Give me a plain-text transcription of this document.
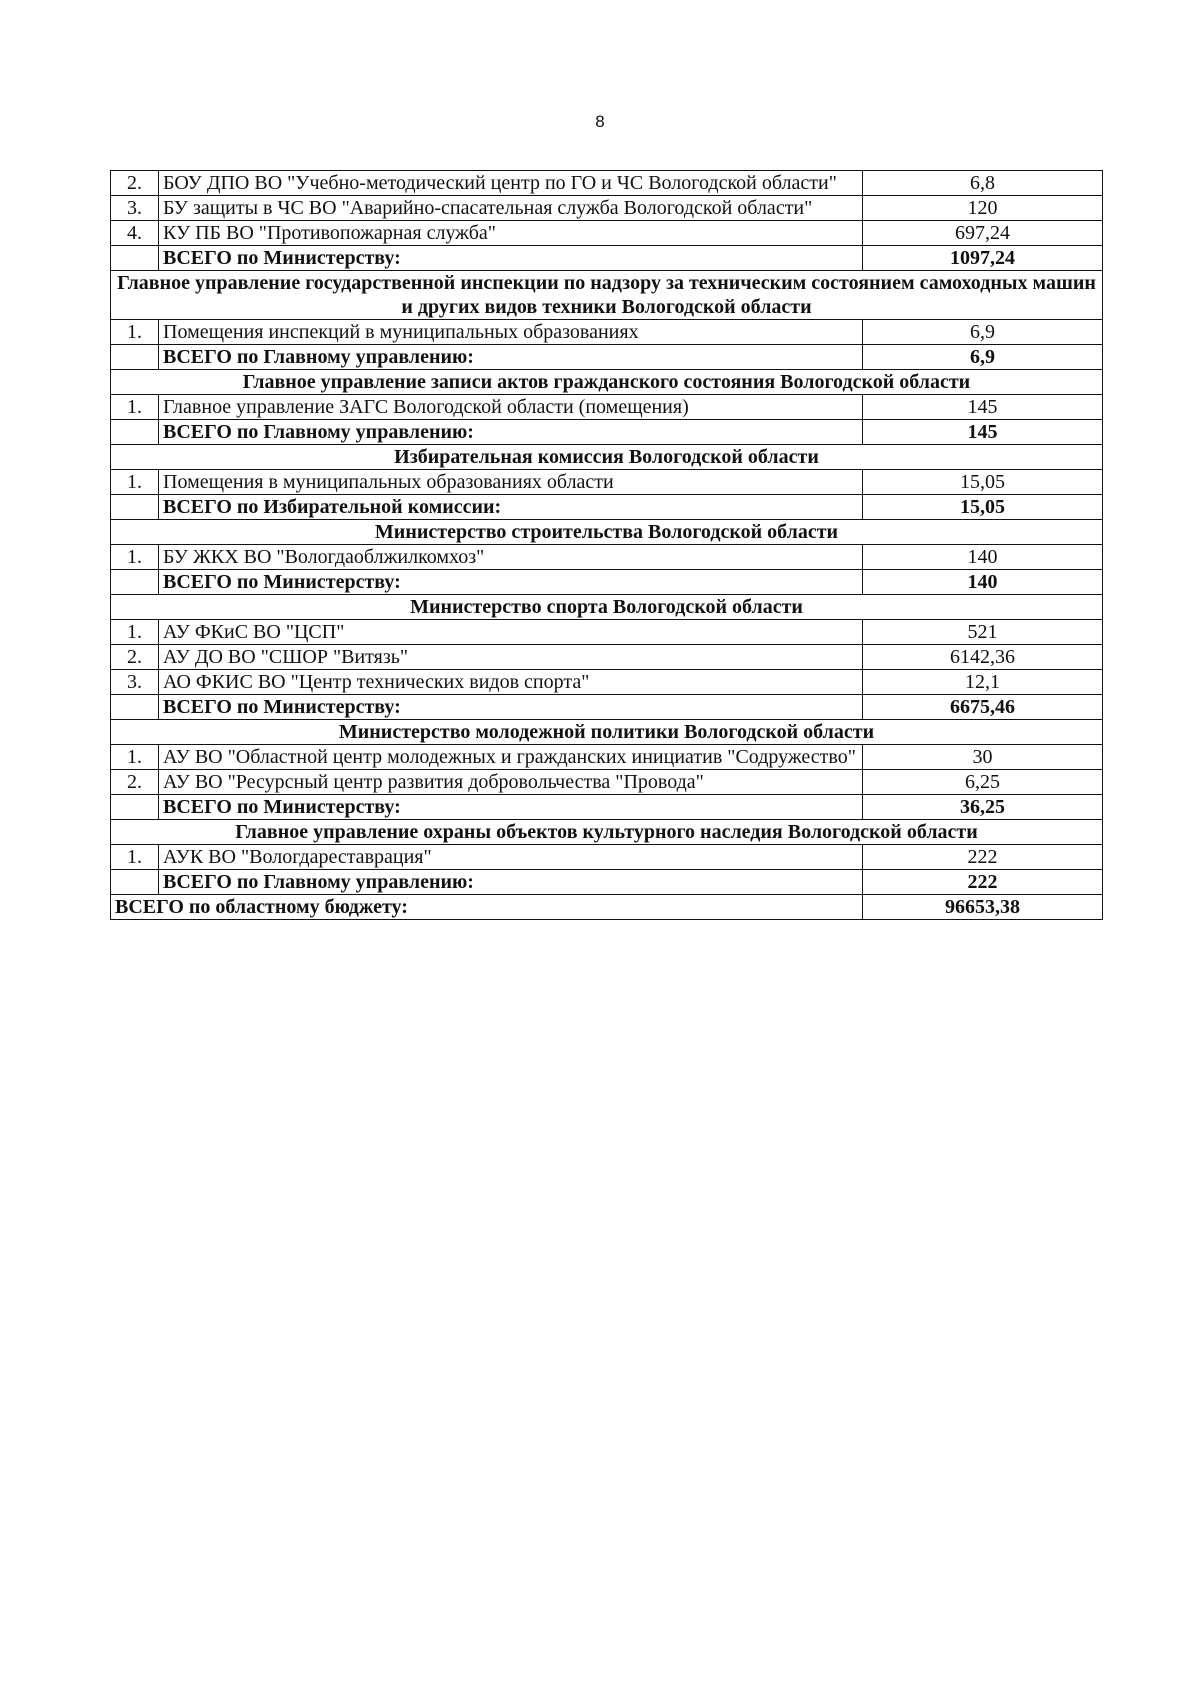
8
2.	БОУ ДПО ВО "Учебно-методический центр по ГО и ЧС Вологодской области"	6,8
3.	БУ защиты в ЧС ВО "Аварийно-спасательная служба Вологодской области"	120
4.	КУ ПБ ВО "Противопожарная служба"	697,24
	ВСЕГО по Министерству:	1097,24
Главное управление государственной инспекции по надзору за техническим состоянием самоходных машин и других видов техники Вологодской области		
1.	Помещения инспекций в муниципальных образованиях	6,9
	ВСЕГО по Главному управлению:	6,9
Главное управление записи актов гражданского состояния Вологодской области		
1.	Главное управление ЗАГС Вологодской области (помещения)	145
	ВСЕГО по Главному управлению:	145
Избирательная комиссия Вологодской области		
1.	Помещения в муниципальных образованиях области	15,05
	ВСЕГО по Избирательной комиссии:	15,05
Министерство строительства Вологодской области		
1.	БУ ЖКХ ВО "Вологдаоблжилкомхоз"	140
	ВСЕГО по Министерству:	140
Министерство спорта Вологодской области		
1.	АУ ФКиС ВО "ЦСП"	521
2.	АУ ДО ВО "СШОР "Витязь"	6142,36
3.	АО ФКИС ВО "Центр технических видов спорта"	12,1
	ВСЕГО по Министерству:	6675,46
Министерство молодежной политики Вологодской области		
1.	АУ ВО "Областной центр молодежных и гражданских инициатив "Содружество"	30
2.	АУ ВО "Ресурсный центр развития добровольчества "Провода"	6,25
	ВСЕГО по Министерству:	36,25
Главное управление охраны объектов культурного наследия Вологодской области		
1.	АУК ВО "Вологдареставрация"	222
	ВСЕГО по Главному управлению:	222
ВСЕГО по областному бюджету:		96653,38
